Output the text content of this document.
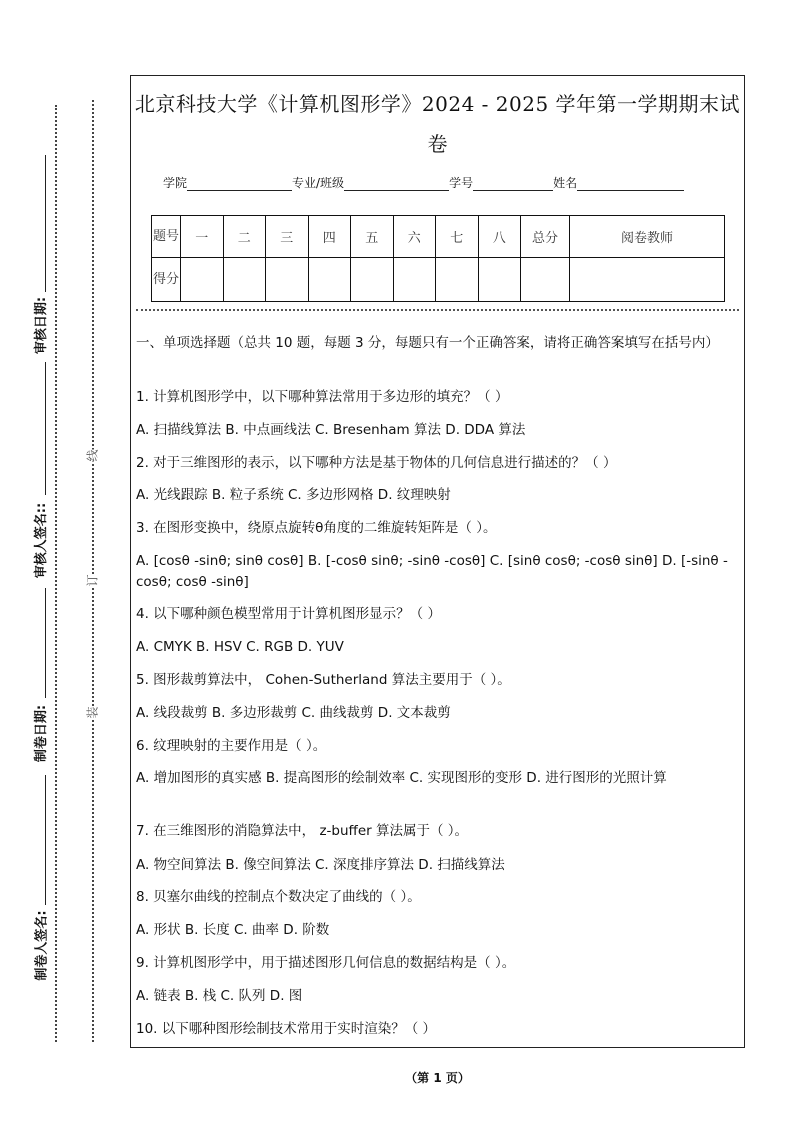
审核日期:
审核人签名::
制卷日期:
制卷人签名:
线
订
装
北京科技大学《计算机图形学》2024 - 2025 学年第一学期期末试
卷
学院	专业/班级	学号	姓名
题号	一	二	三	四	五	六	七	八	总分	阅卷教师
得分										
一、单项选择题（总共 10 题，每题 3 分，每题只有一个正确答案，请将正确答案填写在括号内）
1. 计算机图形学中，以下哪种算法常用于多边形的填充？（ ）
A. 扫描线算法 B. 中点画线法 C. Bresenham 算法 D. DDA 算法
2. 对于三维图形的表示，以下哪种方法是基于物体的几何信息进行描述的？（ ）
A. 光线跟踪 B. 粒子系统 C. 多边形网格 D. 纹理映射
3. 在图形变换中，绕原点旋转θ角度的二维旋转矩阵是（ ）。
A. [cosθ -sinθ; sinθ cosθ] B. [-cosθ sinθ; -sinθ -cosθ] C. [sinθ cosθ; -cosθ sinθ] D. [-sinθ -cosθ; cosθ -sinθ]
4. 以下哪种颜色模型常用于计算机图形显示？（ ）
A. CMYK B. HSV C. RGB D. YUV
5. 图形裁剪算法中， Cohen-Sutherland 算法主要用于（ ）。
A. 线段裁剪 B. 多边形裁剪 C. 曲线裁剪 D. 文本裁剪
6. 纹理映射的主要作用是（ ）。
A. 增加图形的真实感 B. 提高图形的绘制效率 C. 实现图形的变形 D. 进行图形的光照计算
7. 在三维图形的消隐算法中， z-buffer 算法属于（ ）。
A. 物空间算法 B. 像空间算法 C. 深度排序算法 D. 扫描线算法
8. 贝塞尔曲线的控制点个数决定了曲线的（ ）。
A. 形状 B. 长度 C. 曲率 D. 阶数
9. 计算机图形学中，用于描述图形几何信息的数据结构是（ ）。
A. 链表 B. 栈 C. 队列 D. 图
10. 以下哪种图形绘制技术常用于实时渲染？（ ）
（第 1 页）
